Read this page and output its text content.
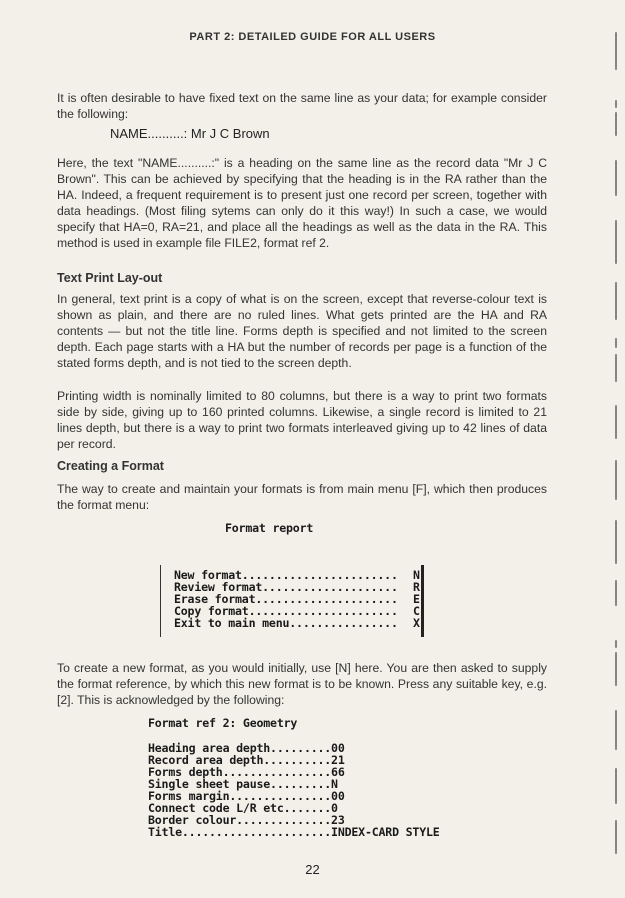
PART 2: DETAILED GUIDE FOR ALL USERS

It is often desirable to have fixed text on the same line as your data; for example consider the following:

NAME..........: Mr J C Brown

Here, the text "NAME..........:" is a heading on the same line as the record data "Mr J C Brown". This can be achieved by specifying that the heading is in the RA rather than the HA. Indeed, a frequent requirement is to present just one record per screen, together with data headings. (Most filing sytems can only do it this way!) In such a case, we would specify that HA=0, RA=21, and place all the headings as well as the data in the RA. This method is used in example file FILE2, format ref 2.

Text Print Lay-out

In general, text print is a copy of what is on the screen, except that reverse-colour text is shown as plain, and there are no ruled lines. What gets printed are the HA and RA contents — but not the title line. Forms depth is specified and not limited to the screen depth. Each page starts with a HA but the number of records per page is a function of the stated forms depth, and is not tied to the screen depth.

Printing width is nominally limited to 80 columns, but there is a way to print two formats side by side, giving up to 160 printed columns. Likewise, a single record is limited to 21 lines depth, but there is a way to print two formats interleaved giving up to 42 lines of data per record.

Creating a Format

The way to create and maintain your formats is from main menu [F], which then produces the format menu:

Format report

New format.......................

N

Review format....................

R

Erase format.....................

E

Copy format......................

C

Exit to main menu................

X

To create a new format, as you would initially, use [N] here. You are then asked to supply the format reference, by which this new format is to be known. Press any suitable key, e.g. [2]. This is acknowledged by the following:

Format ref 2: Geometry
Heading area depth.........00
Record area depth..........21
Forms depth................66
Single sheet pause.........N
Forms margin...............00
Connect code L/R etc.......0
Border colour..............23
Title......................INDEX-CARD STYLE
22
